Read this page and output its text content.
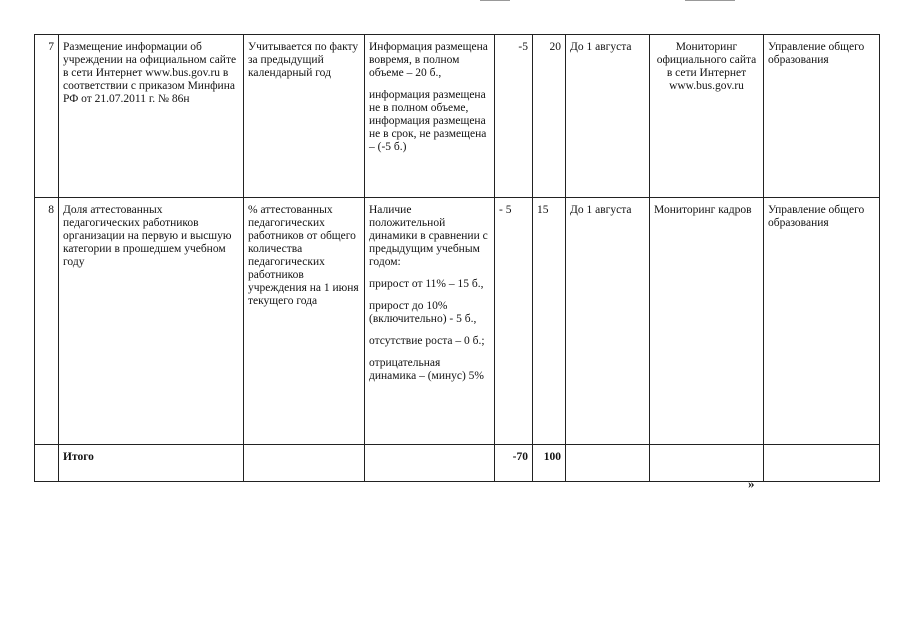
7	Размещение информации об учреждении на официальном сайте в сети Интернет www.bus.gov.ru в соответствии с приказом Минфина РФ от 21.07.2011 г. № 86н	Учитывается по факту за предыдущий календарный год	Информация размещена вовремя, в полном объеме – 20 б.,

информация размещена не в полном объеме, информация размещена не в срок, не размещена – (-5 б.)	-5	20	До 1 августа	Мониторинг официального сайта в сети Интернет www.bus.gov.ru	Управление общего образования
8	Доля аттестованных педагогических работников организации на первую и высшую категории в прошедшем учебном году	% аттестованных педагогических работников от общего количества педагогических работников учреждения на 1 июня текущего года	Наличие положительной динамики в сравнении с предыдущим учебным годом:

прирост от 11% – 15 б.,

прирост до 10% (включительно) - 5 б.,

отсутствие роста – 0 б.;

отрицательная динамика – (минус) 5%	- 5	15	До 1 августа	Мониторинг кадров	Управление общего образования
	Итого			-70	100			
»
